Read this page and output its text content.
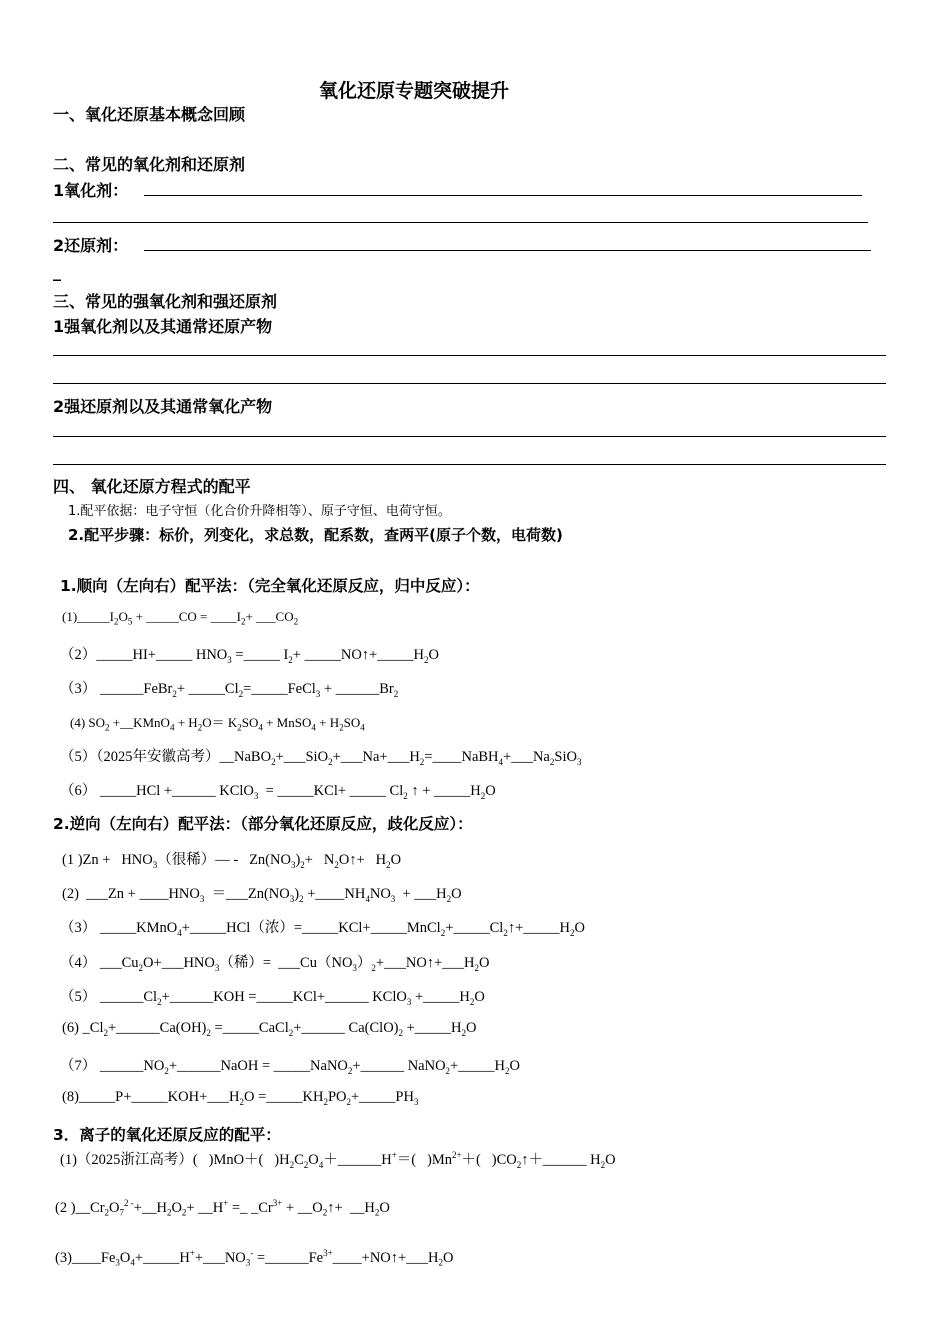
氧化还原专题突破提升
一、氧化还原基本概念回顾
二、常见的氧化剂和还原剂
1氧化剂：
2还原剂：
_
三、常见的强氧化剂和强还原剂
1强氧化剂以及其通常还原产物
2强还原剂以及其通常氧化产物
四、 氧化还原方程式的配平
1.配平依据：电子守恒（化合价升降相等）、原子守恒、电荷守恒。
2.配平步骤：标价，列变化，求总数，配系数，查两平(原子个数，电荷数)
1.顺向（左向右）配平法：（完全氧化还原反应，归中反应）：
$(1)\_\_\_\_\_I_2O_5$ + _____CO = $\_\_\_\_I_2+$ $\_\_\_CO_2$
（2）_____HI+_____ $HNO_3$ =_____ $I_2+$ $\_\_\_\_\_NO↑+\_\_\_\_\_H_2O$
（3） ______FeBr$_2$+ $\_\_\_\_\_Cl_2=\_\_\_\_\_FeCl_3$ + $\_\_\_\_\_\_Br_2$
(4) $SO_2$ +__KMnO$_4$ + $H_2O= K_2SO_4$ + MnSO$_4$ + $H_2SO_4$
（5）（2025年安徽高考）$\_\_NaBO_2+\_\_\_SiO_2+\_\_\_Na+\_\_\_H_2=\_\_\_\_NaBH_4+\_\_\_Na_2SiO_3$
（6） _____HCl +______ KClO$_3$  = _____KCl+ _____ $Cl_2$ ↑ + $\_\_\_\_\_H_2O$
2.逆向（左向右）配平法：（部分氧化还原反应，歧化反应）：
(1 )$Zn + HNO_3$（很稀）— -   $Zn(NO_3)_2+$   $N_2O↑+ H_2O$
(2)  ___Zn + $\_\_\_\_HNO_3$  $=\_\_\_Zn(NO_3)_2$ $+\_\_\_\_NH_4NO_3$  + $\_\_\_H_2O$
（3） _____KMnO$_4$+_____HCl（浓）$=\_\_\_\_\_KCl+\_\_\_\_\_MnCl_2+\_\_\_\_\_Cl_2↑+\_\_\_\_\_H_2O$
（4） $\_\_\_Cu_2O+\_\_\_HNO_3$（稀）=  $\_\_\_Cu(NO_3)_2+\_\_\_NO↑+\_\_\_H_2O$
（5） $\_\_\_\_\_\_Cl_2+\_\_\_\_\_\_KOH$ =_____KCl+______ KClO$_3$ $+\_\_\_\_\_H_2O$
(6) $\_Cl_2+\_\_\_\_\_\_Ca(OH)_2$ =_____CaCl$_2$+______ $Ca(ClO)_2$ $+\_\_\_\_\_H_2O$
（7） $\_\_\_\_\_\_NO_2+\_\_\_\_\_\_NaOH$ = _____NaNO$_2$+______ $NaNO_2+\_\_\_\_\_H_2O$
$(8)\_\_\_\_\_P+\_\_\_\_\_KOH+\_\_\_H_2O$ $=\_\_\_\_\_KH_2PO_2+\_\_\_\_\_PH_3$
3．离子的氧化还原反应的配平：
(1)（2025浙江高考）(   )MnO＋(   )$H_2C_2O_4+\_\_\_\_\_\_H^+=$(   )$Mn^{2+}+$(   )$CO_2↑+\_\_\_\_\_\_$ $H_2O$
(2 )$\_\_Cr_2O_7^{2 -}+\_\_H_2O_2+$ __H+ =_ $\_Cr^{3+}$ + $\_\_O_2↑+$  $\_\_H_2O$
$(3)\_\_\_\_Fe_3O_4+\_\_\_\_\_H^++\_\_\_NO_3^-$ $=\_\_\_\_\_\_Fe^{3+}\_\_\_\_+NO↑+\_\_\_H_2O$
